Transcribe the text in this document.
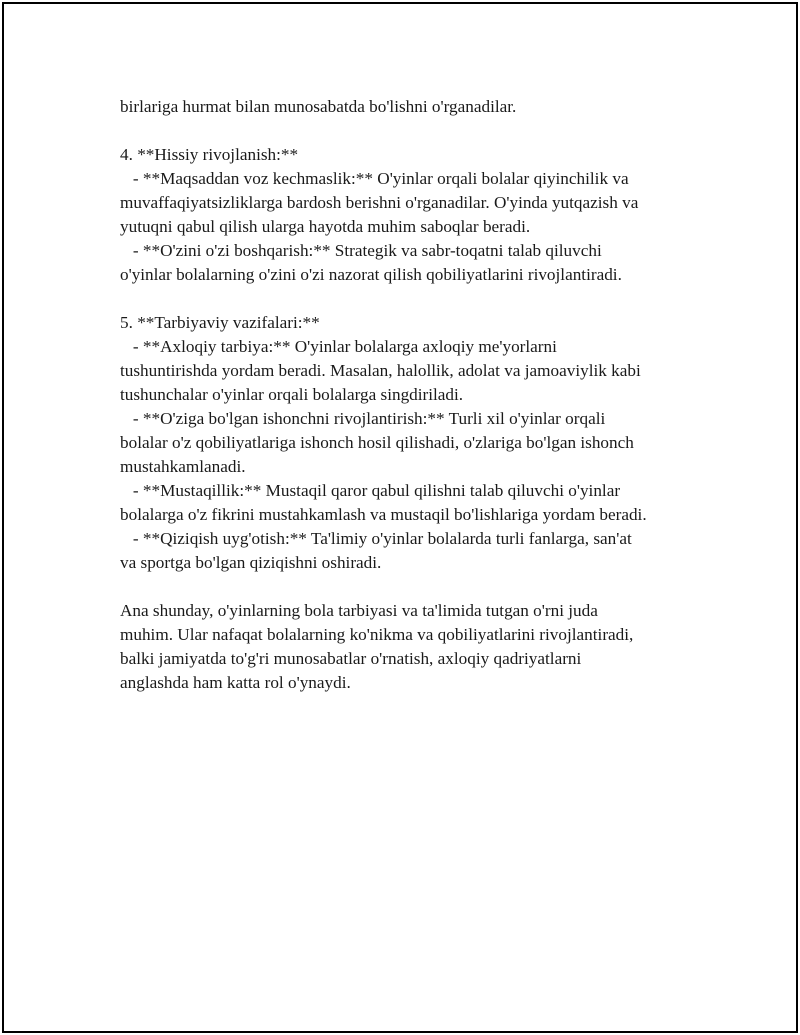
birlariga hurmat bilan munosabatda bo'lishni o'rganadilar.
4. **Hissiy rivojlanish:**
- **Maqsaddan voz kechmaslik:** O'yinlar orqali bolalar qiyinchilik va
muvaffaqiyatsizliklarga bardosh berishni o'rganadilar. O'yinda yutqazish va
yutuqni qabul qilish ularga hayotda muhim saboqlar beradi.
- **O'zini o'zi boshqarish:** Strategik va sabr-toqatni talab qiluvchi
o'yinlar bolalarning o'zini o'zi nazorat qilish qobiliyatlarini rivojlantiradi.
5. **Tarbiyaviy vazifalari:**
- **Axloqiy tarbiya:** O'yinlar bolalarga axloqiy me'yorlarni
tushuntirishda yordam beradi. Masalan, halollik, adolat va jamoaviylik kabi
tushunchalar o'yinlar orqali bolalarga singdiriladi.
- **O'ziga bo'lgan ishonchni rivojlantirish:** Turli xil o'yinlar orqali
bolalar o'z qobiliyatlariga ishonch hosil qilishadi, o'zlariga bo'lgan ishonch
mustahkamlanadi.
- **Mustaqillik:** Mustaqil qaror qabul qilishni talab qiluvchi o'yinlar
bolalarga o'z fikrini mustahkamlash va mustaqil bo'lishlariga yordam beradi.
- **Qiziqish uyg'otish:** Ta'limiy o'yinlar bolalarda turli fanlarga, san'at
va sportga bo'lgan qiziqishni oshiradi.
Ana shunday, o'yinlarning bola tarbiyasi va ta'limida tutgan o'rni juda
muhim. Ular nafaqat bolalarning ko'nikma va qobiliyatlarini rivojlantiradi,
balki jamiyatda to'g'ri munosabatlar o'rnatish, axloqiy qadriyatlarni
anglashda ham katta rol o'ynaydi.
